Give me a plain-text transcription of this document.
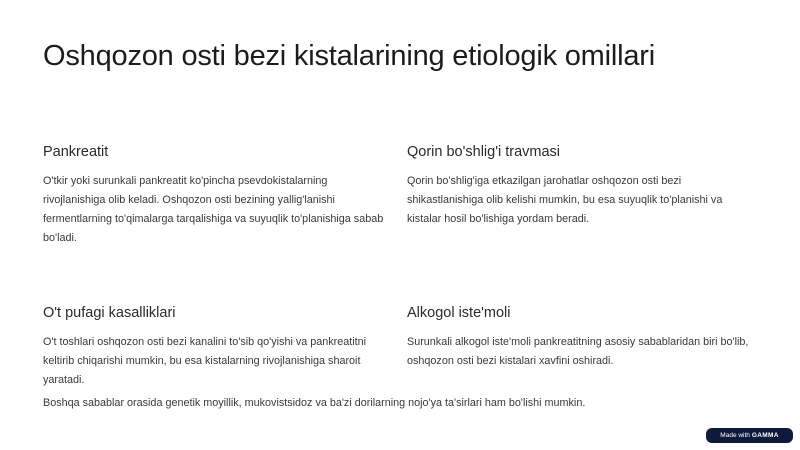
Oshqozon osti bezi kistalarining etiologik omillari
Pankreatit

O'tkir yoki surunkali pankreatit ko'pincha psevdokistalarning rivojlanishiga olib keladi. Oshqozon osti bezining yallig'lanishi fermentlarning to'qimalarga tarqalishiga va suyuqlik to'planishiga sabab bo'ladi.

Qorin bo'shlig'i travmasi

Qorin bo'shlig'iga etkazilgan jarohatlar oshqozon osti bezi shikastlanishiga olib kelishi mumkin, bu esa suyuqlik to'planishi va kistalar hosil bo'lishiga yordam beradi.

O't pufagi kasalliklari

O't toshlari oshqozon osti bezi kanalini to'sib qo'yishi va pankreatitni keltirib chiqarishi mumkin, bu esa kistalarning rivojlanishiga sharoit yaratadi.

Alkogol iste'moli

Surunkali alkogol iste'moli pankreatitning asosiy sabablaridan biri bo'lib, oshqozon osti bezi kistalari xavfini oshiradi.

Boshqa sabablar orasida genetik moyillik, mukovistsidoz va ba'zi dorilarning nojo'ya ta'sirlari ham bo'lishi mumkin.

Made with GAMMA
